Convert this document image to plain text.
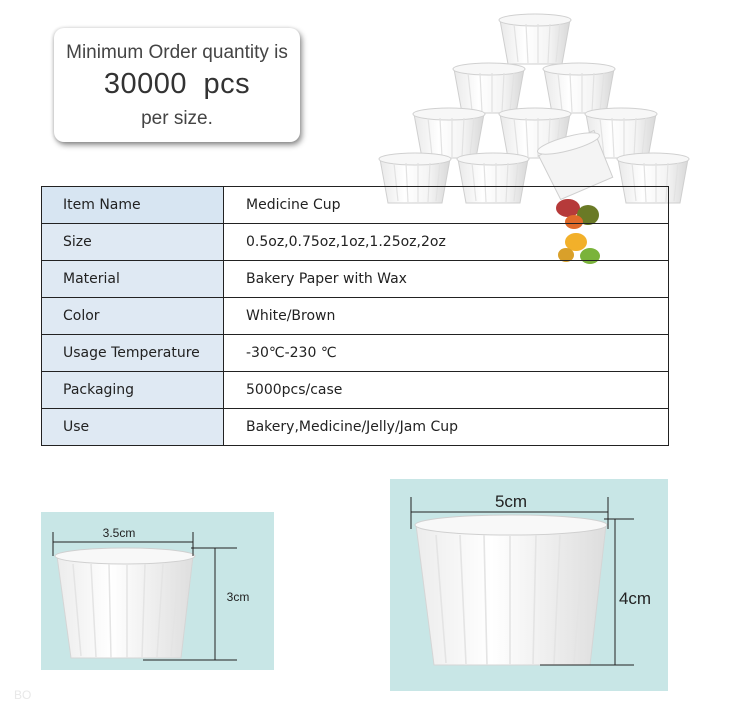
Minimum Order quantity is
30000 pcs
per size.
Item Name	Medicine Cup
Size	0.5oz,0.75oz,1oz,1.25oz,2oz
Material	Bakery Paper with Wax
Color	White/Brown
Usage Temperature	-30℃-230 ℃
Packaging	5000pcs/case
Use	Bakery,Medicine/Jelly/Jam Cup
3.5cm
3cm
5cm
4cm
BO
